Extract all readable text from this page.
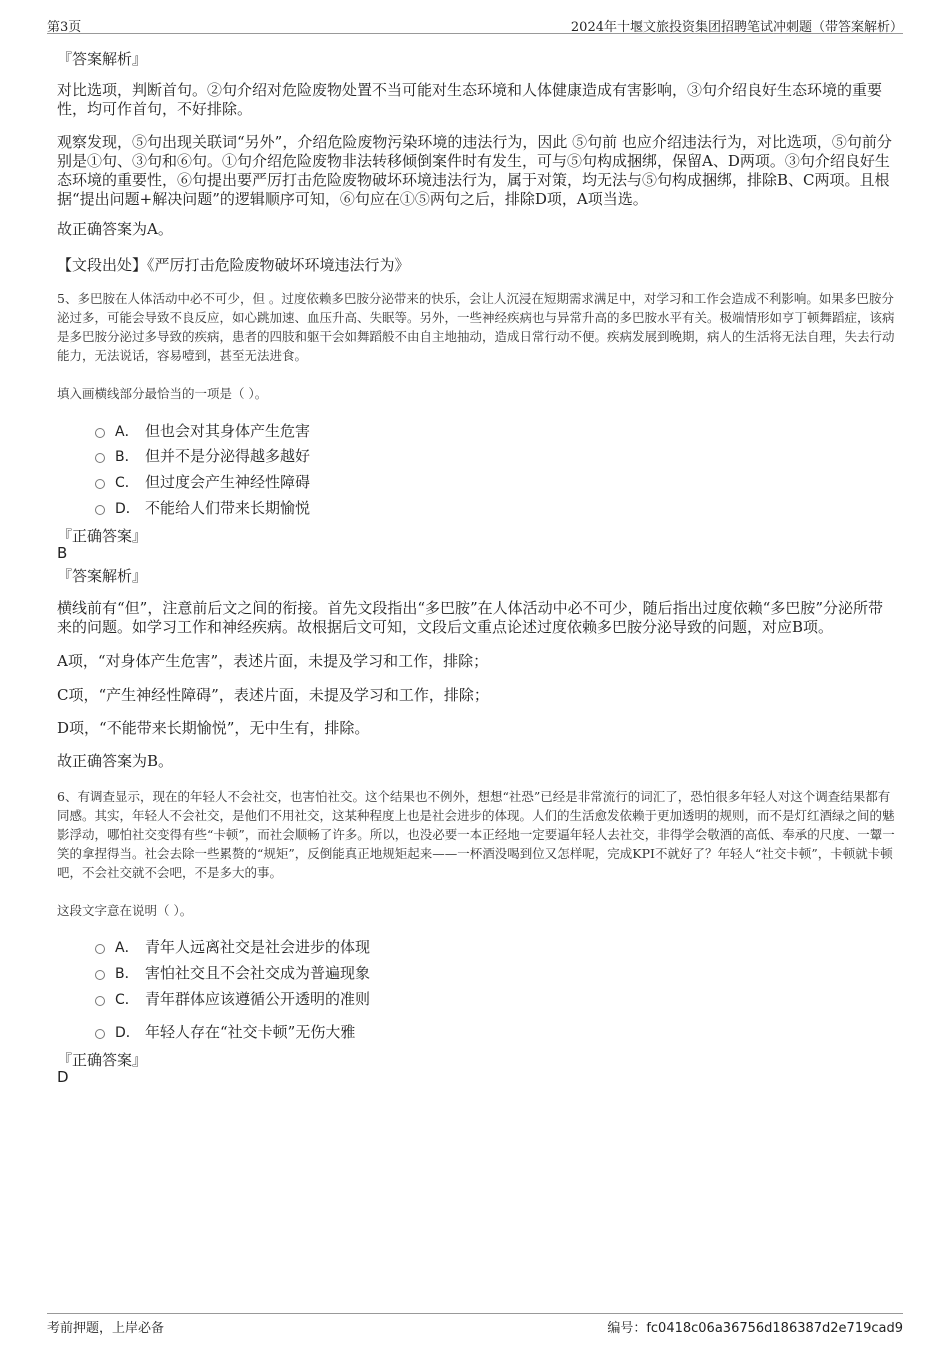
第3页	2024年十堰文旅投资集团招聘笔试冲刺题（带答案解析）
『答案解析』
对比选项，判断首句。②句介绍对危险废物处置不当可能对生态环境和人体健康造成有害影响，③句介绍良好生态环境的重要性，均可作首句，不好排除。
观察发现，⑤句出现关联词“另外”，介绍危险废物污染环境的违法行为，因此 ⑤句前 也应介绍违法行为，对比选项，⑤句前分别是①句、③句和⑥句。①句介绍危险废物非法转移倾倒案件时有发生，可与⑤句构成捆绑，保留A、D两项。③句介绍良好生态环境的重要性，⑥句提出要严厉打击危险废物破坏环境违法行为，属于对策，均无法与⑤句构成捆绑，排除B、C两项。且根据“提出问题+解决问题”的逻辑顺序可知，⑥句应在①⑤两句之后，排除D项，A项当选。
故正确答案为A。
【文段出处】《严厉打击危险废物破坏环境违法行为》
5、多巴胺在人体活动中必不可少，但 。过度依赖多巴胺分泌带来的快乐，会让人沉浸在短期需求满足中，对学习和工作会造成不利影响。如果多巴胺分泌过多，可能会导致不良反应，如心跳加速、血压升高、失眠等。另外，一些神经疾病也与异常升高的多巴胺水平有关。极端情形如亨丁顿舞蹈症，该病是多巴胺分泌过多导致的疾病，患者的四肢和躯干会如舞蹈般不由自主地抽动，造成日常行动不便。疾病发展到晚期，病人的生活将无法自理，失去行动能力，无法说话，容易噎到，甚至无法进食。
填入画横线部分最恰当的一项是（ ）。
A． 但也会对其身体产生危害
B． 但并不是分泌得越多越好
C． 但过度会产生神经性障碍
D． 不能给人们带来长期愉悦
『正确答案』
B
『答案解析』
横线前有“但”，注意前后文之间的衔接。首先文段指出“多巴胺”在人体活动中必不可少，随后指出过度依赖“多巴胺”分泌所带来的问题。如学习工作和神经疾病。故根据后文可知，文段后文重点论述过度依赖多巴胺分泌导致的问题，对应B项。
A项，“对身体产生危害”，表述片面，未提及学习和工作，排除；
C项，“产生神经性障碍”，表述片面，未提及学习和工作，排除；
D项，“不能带来长期愉悦”，无中生有，排除。
故正确答案为B。
6、有调查显示，现在的年轻人不会社交，也害怕社交。这个结果也不例外，想想“社恐”已经是非常流行的词汇了，恐怕很多年轻人对这个调查结果都有同感。其实，年轻人不会社交，是他们不用社交，这某种程度上也是社会进步的体现。人们的生活愈发依赖于更加透明的规则，而不是灯红酒绿之间的魅影浮动，哪怕社交变得有些“卡顿”，而社会顺畅了许多。所以，也没必要一本正经地一定要逼年轻人去社交，非得学会敬酒的高低、奉承的尺度、一颦一笑的拿捏得当。社会去除一些累赘的“规矩”，反倒能真正地规矩起来——一杯酒没喝到位又怎样呢，完成KPI不就好了？年轻人“社交卡顿”，卡顿就卡顿吧，不会社交就不会吧，不是多大的事。
这段文字意在说明（ ）。
A． 青年人远离社交是社会进步的体现
B． 害怕社交且不会社交成为普遍现象
C． 青年群体应该遵循公开透明的准则
D． 年轻人存在“社交卡顿”无伤大雅
『正确答案』
D
考前押题，上岸必备	编号：fc0418c06a36756d186387d2e719cad9
